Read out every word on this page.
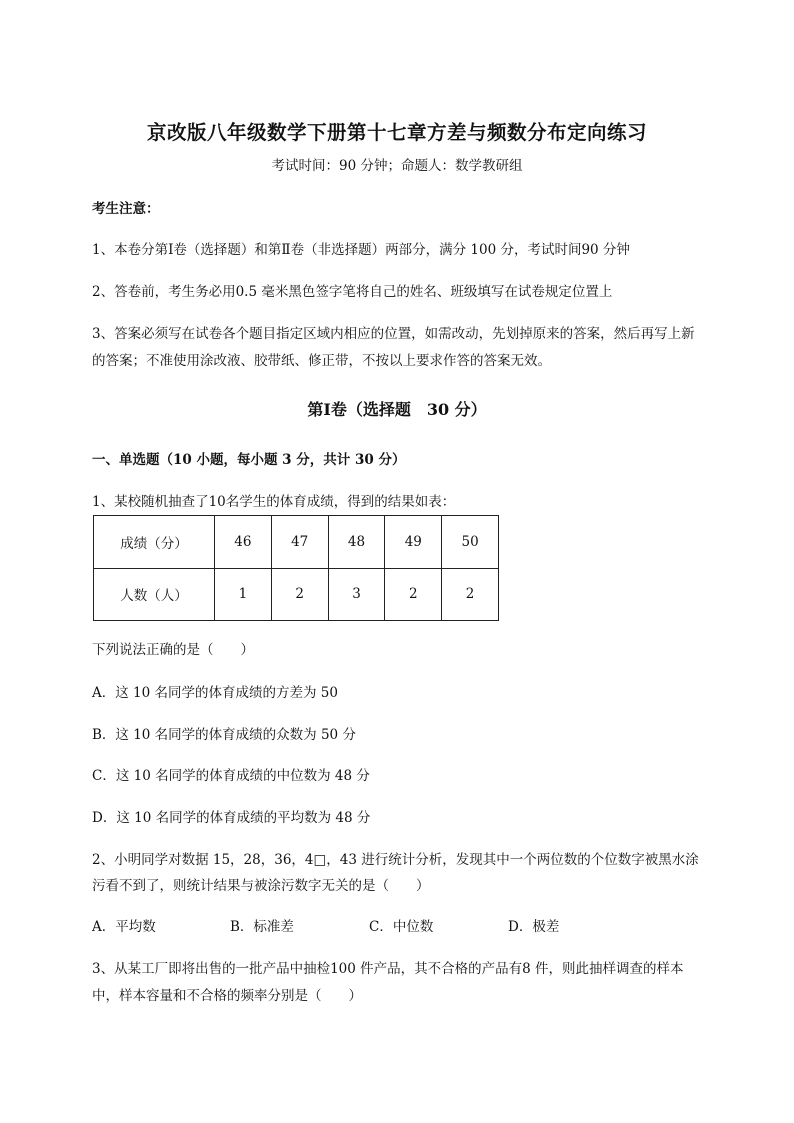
京改版八年级数学下册第十七章方差与频数分布定向练习
考试时间：90 分钟；命题人：数学教研组
考生注意：
1、本卷分第Ⅰ卷（选择题）和第Ⅱ卷（非选择题）两部分，满分 100 分，考试时间90 分钟
2、答卷前，考生务必用0.5 毫米黑色签字笔将自己的姓名、班级填写在试卷规定位置上
3、答案必须写在试卷各个题目指定区域内相应的位置，如需改动，先划掉原来的答案，然后再写上新
的答案；不准使用涂改液、胶带纸、修正带，不按以上要求作答的答案无效。
第Ⅰ卷（选择题　30 分）
一、单选题（10 小题，每小题 3 分，共计 30 分）
1、某校随机抽查了10名学生的体育成绩，得到的结果如表：
成绩（分）	46	47	48	49	50
人数（人）	1	2	3	2	2
下列说法正确的是（　　）
A．这 10 名同学的体育成绩的方差为 50
B．这 10 名同学的体育成绩的众数为 50 分
C．这 10 名同学的体育成绩的中位数为 48 分
D．这 10 名同学的体育成绩的平均数为 48 分
2、小明同学对数据 15，28，36，4□，43 进行统计分析，发现其中一个两位数的个位数字被黑水涂
污看不到了，则统计结果与被涂污数字无关的是（　　）
A．平均数	B．标准差	C．中位数	D．极差
3、从某工厂即将出售的一批产品中抽检100 件产品，其不合格的产品有8 件，则此抽样调查的样本
中，样本容量和不合格的频率分别是（　　）
